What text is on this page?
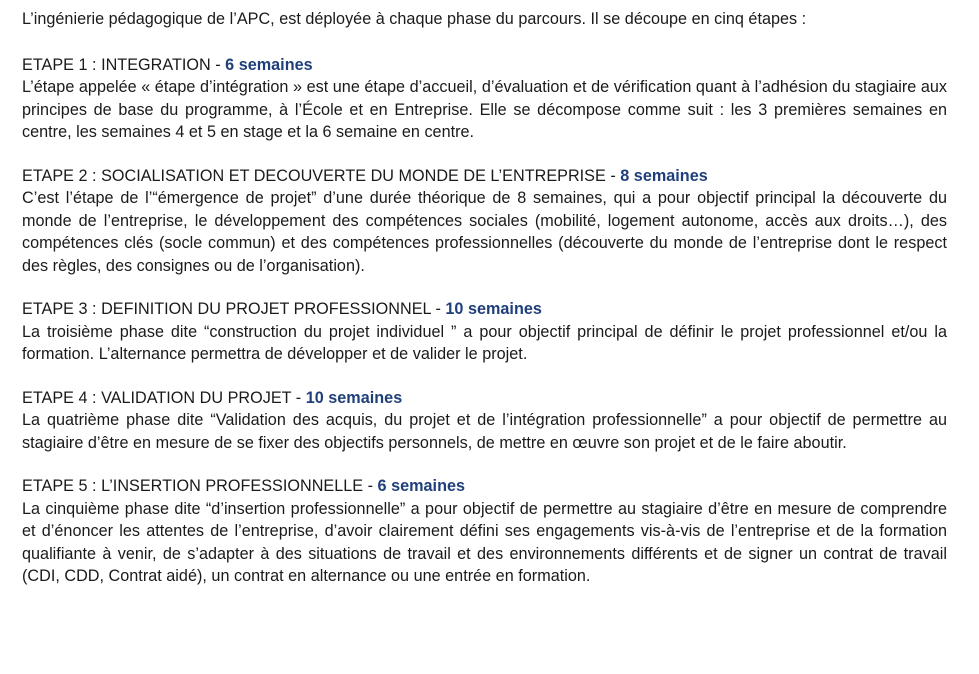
L’ingénierie pédagogique de l’APC, est déployée à chaque phase du parcours. Il se découpe en cinq étapes :

ETAPE 1 : INTEGRATION - 6 semaines

L’étape appelée « étape d’intégration » est une étape d’accueil, d’évaluation et de vérification quant à l’adhésion du stagiaire aux principes de base du programme, à l’École et en Entreprise. Elle se décompose comme suit : les 3 premières semaines en centre, les semaines 4 et 5 en stage et la 6 semaine en centre.

ETAPE 2 : SOCIALISATION ET DECOUVERTE DU MONDE DE L’ENTREPRISE - 8 semaines

C’est l’étape de l’“émergence de projet” d’une durée théorique de 8 semaines, qui a pour objectif principal la découverte du monde de l’entreprise, le développement des compétences sociales (mobilité, logement autonome, accès aux droits…), des compétences clés (socle commun) et des compétences professionnelles (découverte du monde de l’entreprise dont le respect des règles, des consignes ou de l’organisation).

ETAPE 3 : DEFINITION DU PROJET PROFESSIONNEL - 10 semaines

La troisième phase dite “construction du projet individuel ” a pour objectif principal de définir le projet professionnel et/ou la formation. L’alternance permettra de développer et de valider le projet.

ETAPE 4 : VALIDATION DU PROJET - 10 semaines

La quatrième phase dite “Validation des acquis, du projet et de l’intégration professionnelle” a pour objectif de permettre au stagiaire d’être en mesure de se fixer des objectifs personnels, de mettre en œuvre son projet et de le faire aboutir.

ETAPE 5 : L’INSERTION PROFESSIONNELLE - 6 semaines

La cinquième phase dite “d’insertion professionnelle” a pour objectif de permettre au stagiaire d’être en mesure de comprendre et d’énoncer les attentes de l’entreprise, d’avoir clairement défini ses engagements vis-à-vis de l’entreprise et de la formation qualifiante à venir, de s’adapter à des situations de travail et des environnements différents et de signer un contrat de travail (CDI, CDD, Contrat aidé), un contrat en alternance ou une entrée en formation.
